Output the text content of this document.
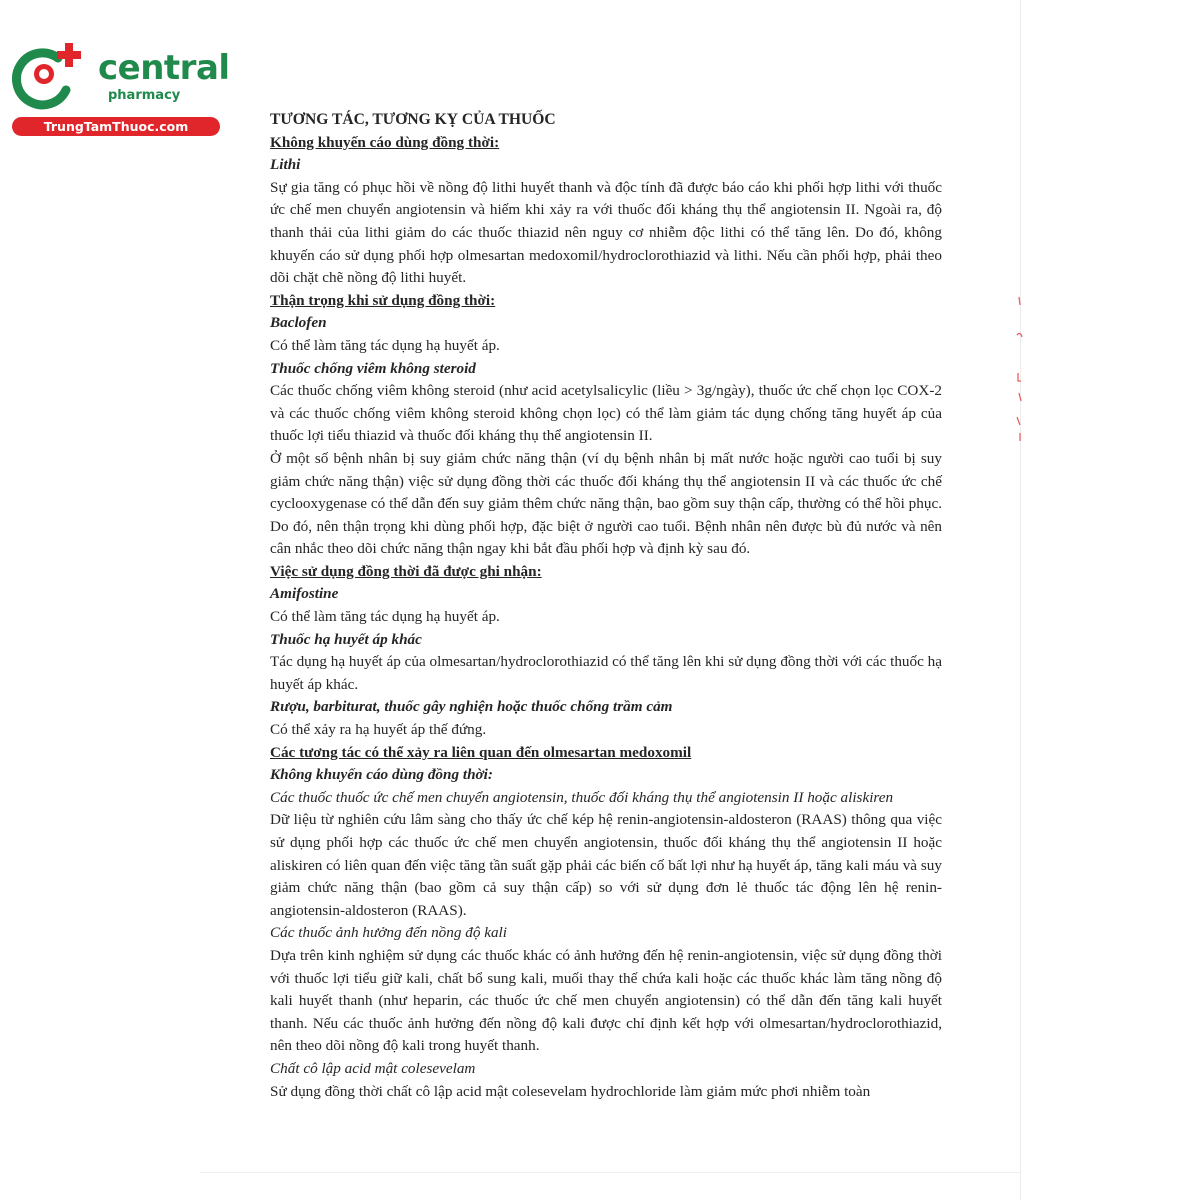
central
pharmacy
TrungTamThuoc.com	TƯƠNG TÁC, TƯƠNG KỴ CỦA THUỐC

Không khuyến cáo dùng đồng thời:

Lithi

Sự gia tăng có phục hồi về nồng độ lithi huyết thanh và độc tính đã được báo cáo khi phối hợp lithi với thuốc ức chế men chuyển angiotensin và hiếm khi xảy ra với thuốc đối kháng thụ thể angiotensin II. Ngoài ra, độ thanh thải của lithi giảm do các thuốc thiazid nên nguy cơ nhiễm độc lithi có thể tăng lên. Do đó, không khuyến cáo sử dụng phối hợp olmesartan medoxomil/hydroclorothiazid và lithi. Nếu cần phối hợp, phải theo dõi chặt chẽ nồng độ lithi huyết.

Thận trọng khi sử dụng đồng thời:

Baclofen

Có thể làm tăng tác dụng hạ huyết áp.

Thuốc chống viêm không steroid

Các thuốc chống viêm không steroid (như acid acetylsalicylic (liều > 3g/ngày), thuốc ức chế chọn lọc COX-2 và các thuốc chống viêm không steroid không chọn lọc) có thể làm giảm tác dụng chống tăng huyết áp của thuốc lợi tiểu thiazid và thuốc đối kháng thụ thể angiotensin II.

Ở một số bệnh nhân bị suy giảm chức năng thận (ví dụ bệnh nhân bị mất nước hoặc người cao tuổi bị suy giảm chức năng thận) việc sử dụng đồng thời các thuốc đối kháng thụ thể angiotensin II và các thuốc ức chế cyclooxygenase có thể dẫn đến suy giảm thêm chức năng thận, bao gồm suy thận cấp, thường có thể hồi phục. Do đó, nên thận trọng khi dùng phối hợp, đặc biệt ở người cao tuổi. Bệnh nhân nên được bù đủ nước và nên cân nhắc theo dõi chức năng thận ngay khi bắt đầu phối hợp và định kỳ sau đó.

Việc sử dụng đồng thời đã được ghi nhận:

Amifostine

Có thể làm tăng tác dụng hạ huyết áp.

Thuốc hạ huyết áp khác

Tác dụng hạ huyết áp của olmesartan/hydroclorothiazid có thể tăng lên khi sử dụng đồng thời với các thuốc hạ huyết áp khác.

Rượu, barbiturat, thuốc gây nghiện hoặc thuốc chống trầm cảm

Có thể xảy ra hạ huyết áp thế đứng.

Các tương tác có thể xảy ra liên quan đến olmesartan medoxomil

Không khuyến cáo dùng đồng thời:

Các thuốc thuốc ức chế men chuyển angiotensin, thuốc đối kháng thụ thể angiotensin II hoặc aliskiren

Dữ liệu từ nghiên cứu lâm sàng cho thấy ức chế kép hệ renin-angiotensin-aldosteron (RAAS) thông qua việc sử dụng phối hợp các thuốc ức chế men chuyển angiotensin, thuốc đối kháng thụ thể angiotensin II hoặc aliskiren có liên quan đến việc tăng tần suất gặp phải các biến cố bất lợi như hạ huyết áp, tăng kali máu và suy giảm chức năng thận (bao gồm cả suy thận cấp) so với sử dụng đơn lẻ thuốc tác động lên hệ renin-angiotensin-aldosteron (RAAS).

Các thuốc ảnh hưởng đến nồng độ kali

Dựa trên kinh nghiệm sử dụng các thuốc khác có ảnh hưởng đến hệ renin-angiotensin, việc sử dụng đồng thời với thuốc lợi tiểu giữ kali, chất bổ sung kali, muối thay thế chứa kali hoặc các thuốc khác làm tăng nồng độ kali huyết thanh (như heparin, các thuốc ức chế men chuyển angiotensin) có thể dẫn đến tăng kali huyết thanh. Nếu các thuốc ảnh hưởng đến nồng độ kali được chỉ định kết hợp với olmesartan/hydroclorothiazid, nên theo dõi nồng độ kali trong huyết thanh.

Chất cô lập acid mật colesevelam

Sử dụng đồng thời chất cô lập acid mật colesevelam hydrochloride làm giảm mức phơi nhiễm toàn
